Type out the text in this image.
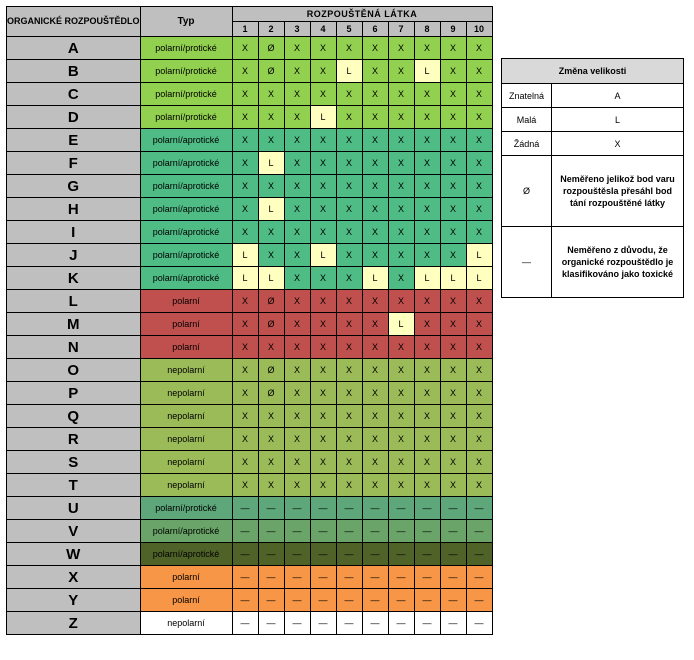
ORGANICKÉ ROZPOUŠTĚDLO	Typ	ROZPOUŠTĚNÁ LÁTKA									
		1	2	3	4	5	6	7	8	9	10
A	polarní/protické	X	Ø	X	X	X	X	X	X	X	X
B	polarní/protické	X	Ø	X	X	L	X	X	L	X	X
C	polarní/protické	X	X	X	X	X	X	X	X	X	X
D	polarní/protické	X	X	X	L	X	X	X	X	X	X
E	polarní/aprotické	X	X	X	X	X	X	X	X	X	X
F	polarní/aprotické	X	L	X	X	X	X	X	X	X	X
G	polarní/aprotické	X	X	X	X	X	X	X	X	X	X
H	polarní/aprotické	X	L	X	X	X	X	X	X	X	X
I	polarní/aprotické	X	X	X	X	X	X	X	X	X	X
J	polarní/aprotické	L	X	X	L	X	X	X	X	X	L
K	polarní/aprotické	L	L	X	X	X	L	X	L	L	L
L	polarní	X	Ø	X	X	X	X	X	X	X	X
M	polarní	X	Ø	X	X	X	X	L	X	X	X
N	polarní	X	X	X	X	X	X	X	X	X	X
O	nepolarní	X	Ø	X	X	X	X	X	X	X	X
P	nepolarní	X	Ø	X	X	X	X	X	X	X	X
Q	nepolarní	X	X	X	X	X	X	X	X	X	X
R	nepolarní	X	X	X	X	X	X	X	X	X	X
S	nepolarní	X	X	X	X	X	X	X	X	X	X
T	nepolarní	X	X	X	X	X	X	X	X	X	X
U	polarní/protické	—	—	—	—	—	—	—	—	—	—
V	polarní/aprotické	—	—	—	—	—	—	—	—	—	—
W	polarní/aprotické	—	—	—	—	—	—	—	—	—	—
X	polarní	—	—	—	—	—	—	—	—	—	—
Y	polarní	—	—	—	—	—	—	—	—	—	—
Z	nepolarní	—	—	—	—	—	—	—	—	—	—
Změna velikosti	
Znatelná	A
Malá	L
Žádná	X
Ø	Neměřeno jelikož bod varu rozpouštěsla přesáhl bod tání rozpouštěné látky
—	Neměřeno z důvodu, že organické rozpouštědlo je klasifikováno jako toxické
